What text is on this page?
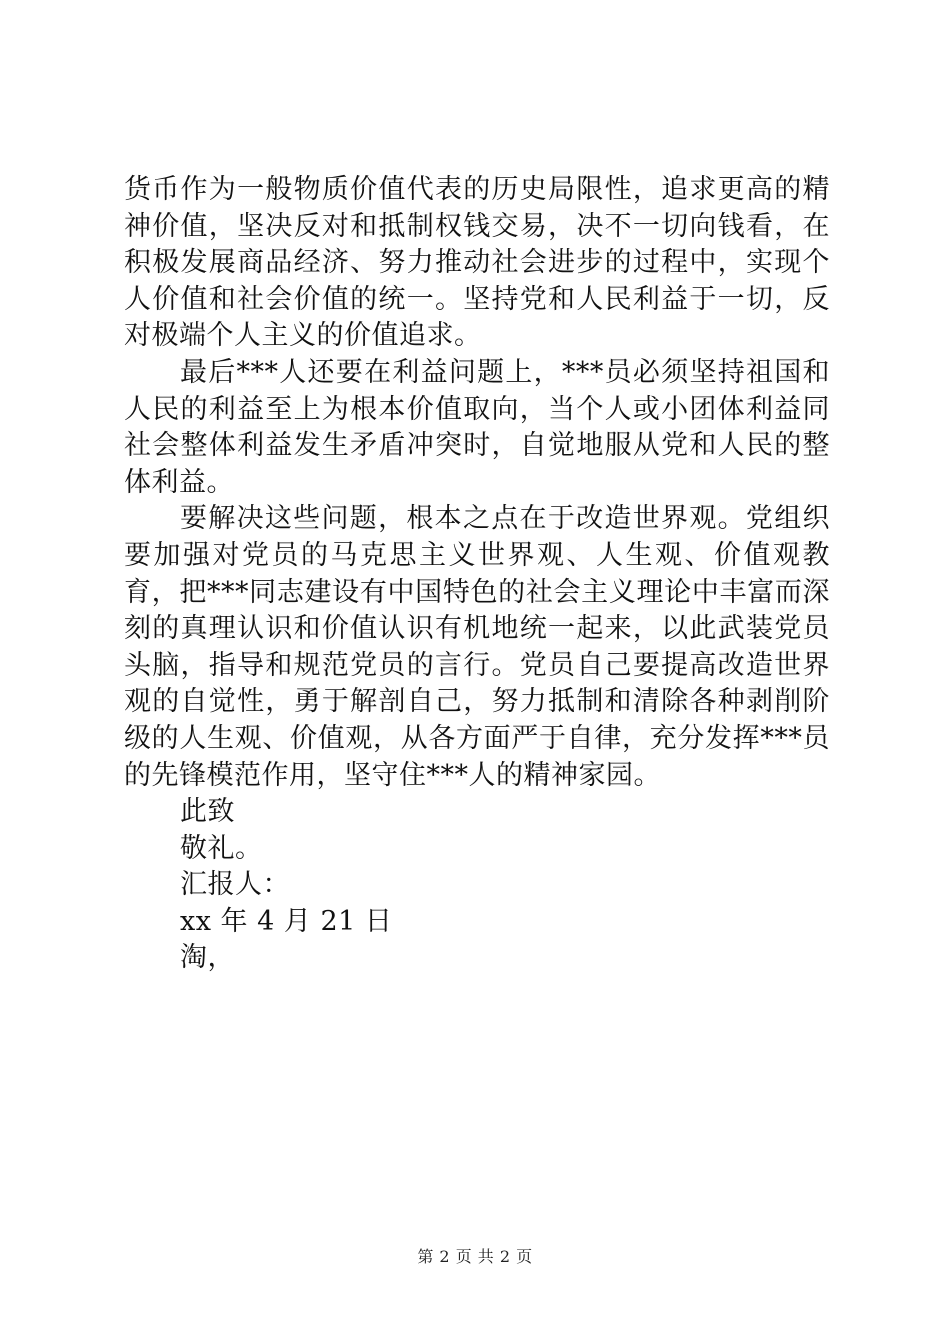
货币作为一般物质价值代表的历史局限性，追求更高的精神价值，坚决反对和抵制权钱交易，决不一切向钱看，在积极发展商品经济、努力推动社会进步的过程中，实现个人价值和社会价值的统一。坚持党和人民利益于一切，反对极端个人主义的价值追求。

最后***人还要在利益问题上，***员必须坚持祖国和人民的利益至上为根本价值取向，当个人或小团体利益同社会整体利益发生矛盾冲突时，自觉地服从党和人民的整体利益。

要解决这些问题，根本之点在于改造世界观。党组织要加强对党员的马克思主义世界观、人生观、价值观教育，把***同志建设有中国特色的社会主义理论中丰富而深刻的真理认识和价值认识有机地统一起来，以此武装党员头脑，指导和规范党员的言行。党员自己要提高改造世界观的自觉性，勇于解剖自己，努力抵制和清除各种剥削阶级的人生观、价值观，从各方面严于自律，充分发挥***员的先锋模范作用，坚守住***人的精神家园。

此致

敬礼。

汇报人：

xx 年 4 月 21 日

淘，

第 2 页 共 2 页
